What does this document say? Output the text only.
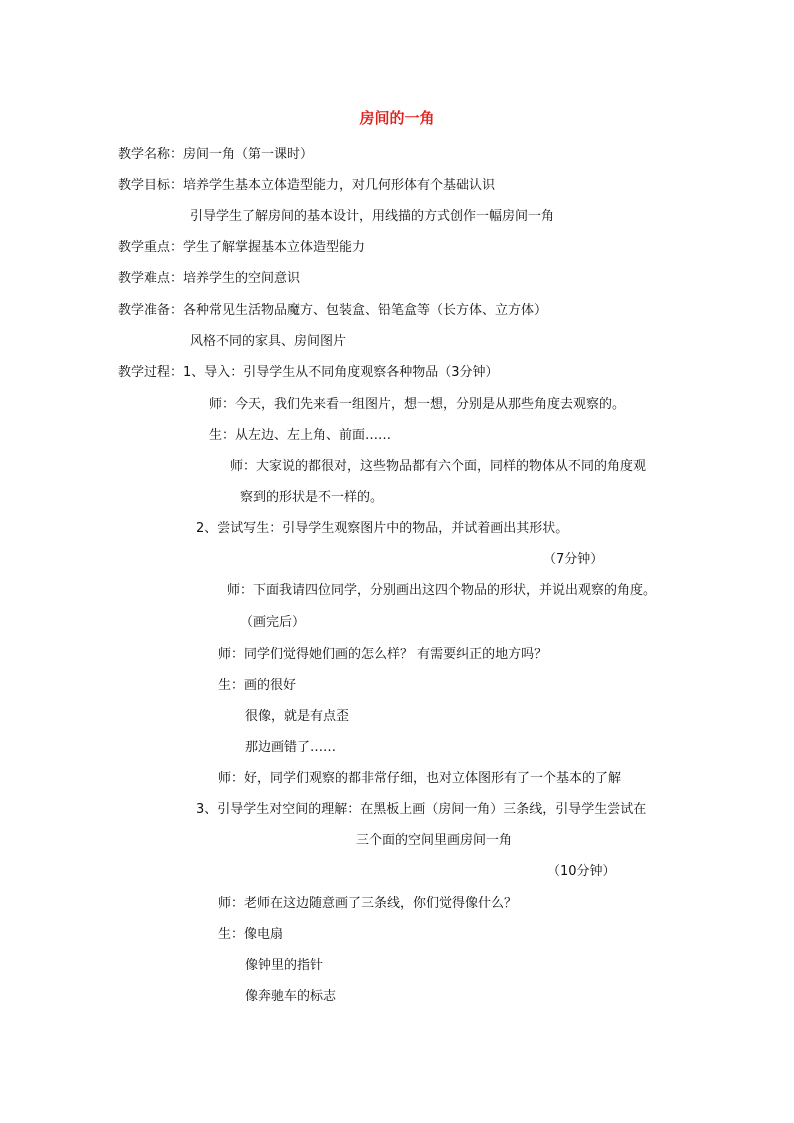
房间的一角
教学名称：房间一角（第一课时）
教学目标：培养学生基本立体造型能力，对几何形体有个基础认识
引导学生了解房间的基本设计，用线描的方式创作一幅房间一角
教学重点：学生了解掌握基本立体造型能力
教学难点：培养学生的空间意识
教学准备：各种常见生活物品魔方、包装盒、铅笔盒等（长方体、立方体）
风格不同的家具、房间图片
教学过程：1、导入：引导学生从不同角度观察各种物品（3分钟）
师：今天，我们先来看一组图片，想一想，分别是从那些角度去观察的。
生：从左边、左上角、前面……
师：大家说的都很对，这些物品都有六个面，同样的物体从不同的角度观
察到的形状是不一样的。
2、尝试写生：引导学生观察图片中的物品，并试着画出其形状。
（7分钟）
师：下面我请四位同学，分别画出这四个物品的形状，并说出观察的角度。
（画完后）
师：同学们觉得她们画的怎么样？ 有需要纠正的地方吗？
生：画的很好
很像，就是有点歪
那边画错了……
师：好，同学们观察的都非常仔细，也对立体图形有了一个基本的了解
3、引导学生对空间的理解：在黑板上画（房间一角）三条线，引导学生尝试在
三个面的空间里画房间一角
（10分钟）
师：老师在这边随意画了三条线，你们觉得像什么？
生：像电扇
像钟里的指针
像奔驰车的标志
